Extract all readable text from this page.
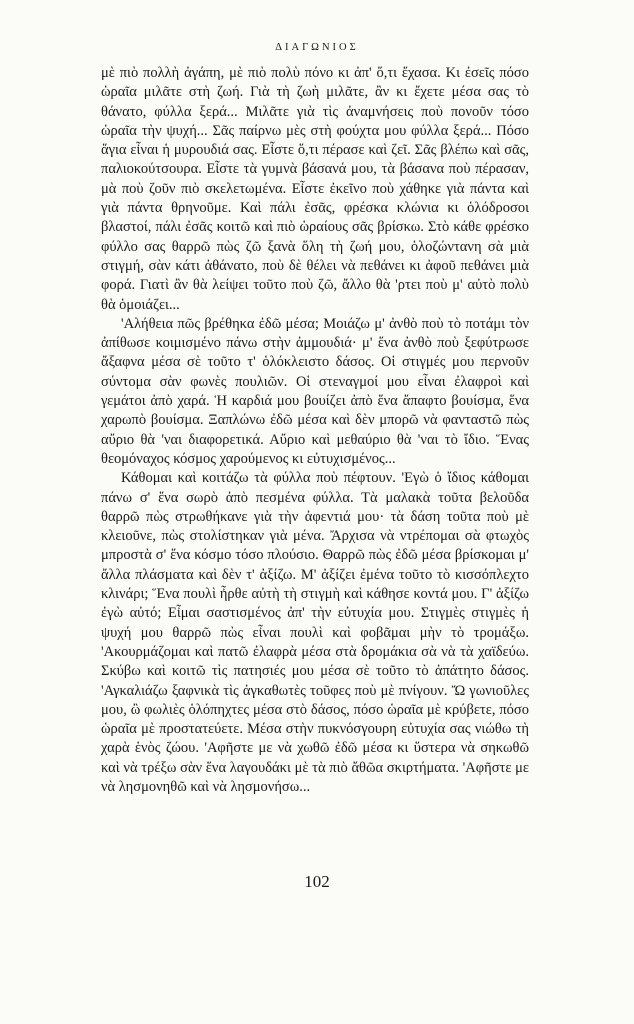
ΔΙΑΓΩΝΙΟΣ

μὲ πιὸ πολλὴ ἀγάπη, μὲ πιὸ πολὺ πόνο κι ἀπ' ὅ,τι ἔχασα. Κι ἐσεῖς πόσο ὡραῖα μιλᾶτε στὴ ζωή. Γιὰ τὴ ζωὴ μιλᾶτε, ἂν κι ἔχετε μέσα σας τὸ θάνατο, φύλλα ξερά... Μιλᾶτε γιὰ τὶς ἀναμνήσεις ποὺ πονοῦν τόσο ὡραῖα τὴν ψυχή... Σᾶς παίρνω μὲς στὴ φούχτα μου φύλλα ξερά... Πόσο ἅγια εἶναι ἡ μυρουδιά σας. Εἶστε ὅ,τι πέρασε καὶ ζεῖ. Σᾶς βλέπω καὶ σᾶς, παλιοκούτσουρα. Εἶστε τὰ γυμνὰ βάσανά μου, τὰ βάσανα ποὺ πέρασαν, μὰ ποὺ ζοῦν πιὸ σκελετωμένα. Εἶστε ἐκεῖνο ποὺ χάθηκε γιὰ πάντα καὶ γιὰ πάντα θρηνοῦμε. Καὶ πάλι ἐσᾶς, φρέσκα κλώνια κι ὁλόδροσοι βλαστοί, πάλι ἐσᾶς κοιτῶ καὶ πιὸ ὡραίους σᾶς βρίσκω. Στὸ κάθε φρέσκο φύλλο σας θαρρῶ πὼς ζῶ ξανὰ ὅλη τὴ ζωή μου, ὁλοζώντανη σὰ μιὰ στιγμή, σὰν κάτι ἀθάνατο, ποὺ δὲ θέλει νὰ πεθάνει κι ἀφοῦ πεθάνει μιὰ φορά. Γιατὶ ἂν θὰ λείψει τοῦτο ποὺ ζῶ, ἄλλο θὰ 'ρτει ποὺ μ' αὐτὸ πολὺ θὰ ὁμοιάζει...

'Αλήθεια πῶς βρέθηκα ἐδῶ μέσα; Μοιάζω μ' ἀνθὸ ποὺ τὸ ποτάμι τὸν ἀπίθωσε κοιμισμένο πάνω στὴν ἀμμουδιά· μ' ἕνα ἀνθὸ ποὺ ξεφύτρωσε ἄξαφνα μέσα σὲ τοῦτο τ' ὁλόκλειστο δάσος. Οἱ στιγμές μου περνοῦν σύντομα σὰν φωνὲς πουλιῶν. Οἱ στεναγμοί μου εἶναι ἐλαφροὶ καὶ γεμάτοι ἀπὸ χαρά. Ἡ καρδιά μου βουίζει ἀπὸ ἕνα ἄπαφτο βουίσμα, ἕνα χαρωπὸ βουίσμα. Ξαπλώνω ἐδῶ μέσα καὶ δὲν μπορῶ νὰ φανταστῶ πὼς αὔριο θὰ 'ναι διαφορετικά. Αὔριο καὶ μεθαύριο θὰ 'ναι τὸ ἴδιο. Ἕνας θεομόναχος κόσμος χαρούμενος κι εὐτυχισμένος...

Κάθομαι καὶ κοιτάζω τὰ φύλλα ποὺ πέφτουν. 'Εγὼ ὁ ἴδιος κάθομαι πάνω σ' ἕνα σωρὸ ἀπὸ πεσμένα φύλλα. Τὰ μαλακὰ τοῦτα βελοῦδα θαρρῶ πὼς στρωθήκανε γιὰ τὴν ἀφεντιά μου· τὰ δάση τοῦτα ποὺ μὲ κλειοῦνε, πὼς στολίστηκαν γιὰ μένα. Ἄρχισα νὰ ντρέπομαι σὰ φτωχὸς μπροστὰ σ' ἕνα κόσμο τόσο πλούσιο. Θαρρῶ πὼς ἐδῶ μέσα βρίσκομαι μ' ἄλλα πλάσματα καὶ δὲν τ' ἀξίζω. Μ' ἀξίζει ἐμένα τοῦτο τὸ κισσόπλεχτο κλινάρι; Ἕνα πουλὶ ἦρθε αὐτὴ τὴ στιγμὴ καὶ κάθησε κοντά μου. Γ' ἀξίζω ἐγὼ αὐτό; Εἶμαι σαστισμένος ἀπ' τὴν εὐτυχία μου. Στιγμὲς στιγμὲς ἡ ψυχή μου θαρρῶ πὼς εἶναι πουλὶ καὶ φοβᾶμαι μὴν τὸ τρομάξω. 'Ακουρμάζομαι καὶ πατῶ ἐλαφρὰ μέσα στὰ δρομάκια σὰ νὰ τὰ χαϊδεύω. Σκύβω καὶ κοιτῶ τὶς πατησιές μου μέσα σὲ τοῦτο τὸ ἀπάτητο δάσος. 'Αγκαλιάζω ξαφνικὰ τὶς ἀγκαθωτὲς τοῦφες ποὺ μὲ πνίγουν. Ὤ γωνιοῦλες μου, ὢ φωλιὲς ὁλόπηχτες μέσα στὸ δάσος, πόσο ὡραῖα μὲ κρύβετε, πόσο ὡραῖα μὲ προστατεύετε. Μέσα στὴν πυκνόσγουρη εὐτυχία σας νιώθω τὴ χαρὰ ἑνὸς ζώου. 'Αφῆστε με νὰ χωθῶ ἐδῶ μέσα κι ὕστερα νὰ σηκωθῶ καὶ νὰ τρέξω σὰν ἕνα λαγουδάκι μὲ τὰ πιὸ ἄθῶα σκιρτήματα. 'Αφῆστε με νὰ λησμονηθῶ καὶ νὰ λησμονήσω...

102
